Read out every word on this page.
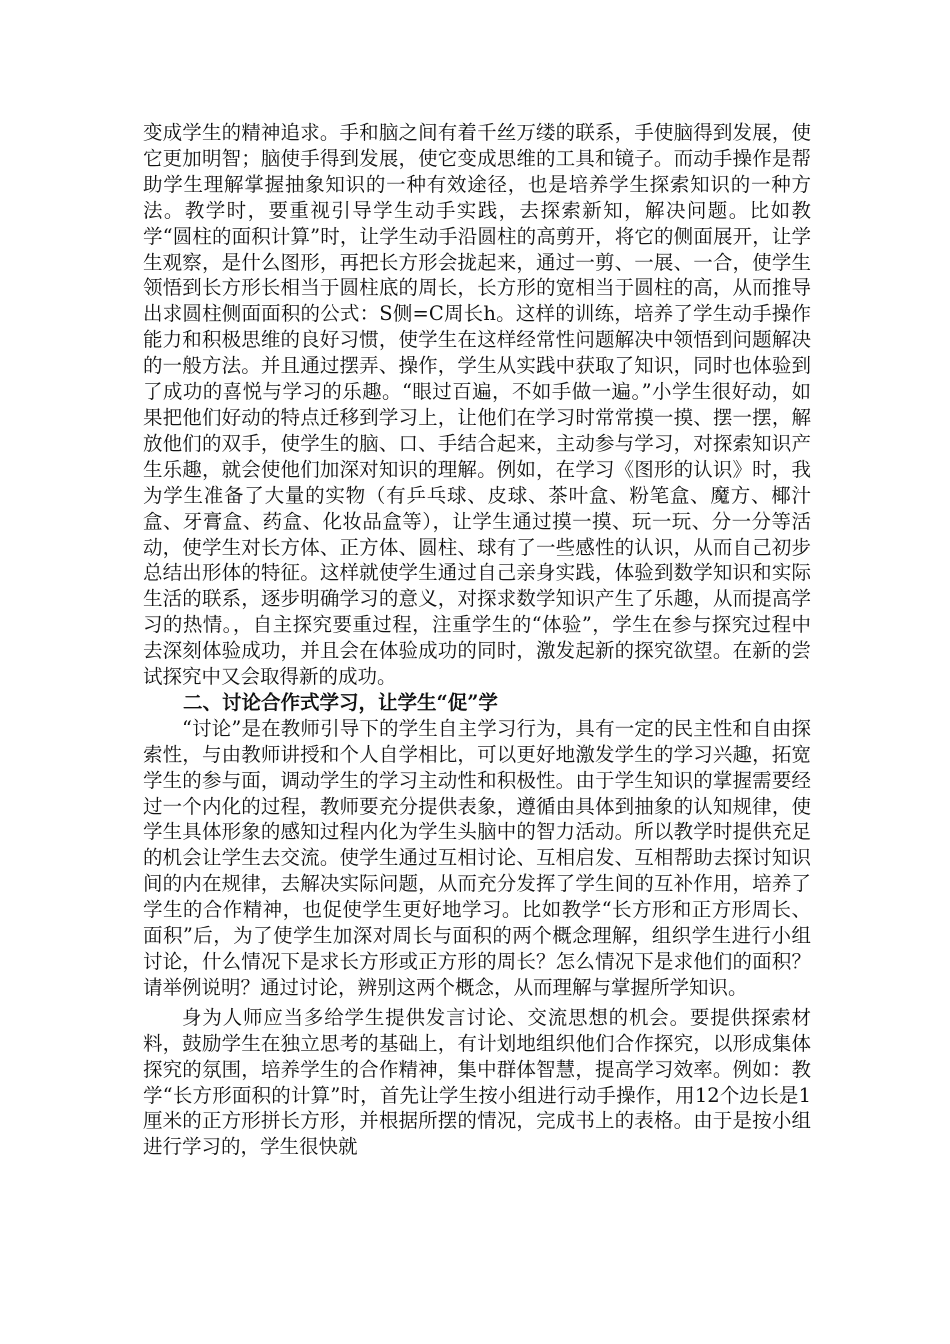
变成学生的精神追求。手和脑之间有着千丝万缕的联系，手使脑得到发展，使它更加明智；脑使手得到发展，使它变成思维的工具和镜子。而动手操作是帮助学生理解掌握抽象知识的一种有效途径，也是培养学生探索知识的一种方法。教学时，要重视引导学生动手实践，去探索新知，解决问题。比如教学“圆柱的面积计算”时，让学生动手沿圆柱的高剪开，将它的侧面展开，让学生观察，是什么图形，再把长方形会拢起来，通过一剪、一展、一合，使学生领悟到长方形长相当于圆柱底的周长，长方形的宽相当于圆柱的高，从而推导出求圆柱侧面面积的公式：S侧=C周长h。这样的训练，培养了学生动手操作能力和积极思维的良好习惯，使学生在这样经常性问题解决中领悟到问题解决的一般方法。并且通过摆弄、操作，学生从实践中获取了知识，同时也体验到了成功的喜悦与学习的乐趣。“眼过百遍，不如手做一遍。”小学生很好动，如果把他们好动的特点迁移到学习上，让他们在学习时常常摸一摸、摆一摆，解放他们的双手，使学生的脑、口、手结合起来，主动参与学习，对探索知识产生乐趣，就会使他们加深对知识的理解。例如，在学习《图形的认识》时，我为学生准备了大量的实物（有乒乓球、皮球、茶叶盒、粉笔盒、魔方、椰汁盒、牙膏盒、药盒、化妆品盒等），让学生通过摸一摸、玩一玩、分一分等活动，使学生对长方体、正方体、圆柱、球有了一些感性的认识，从而自己初步总结出形体的特征。这样就使学生通过自己亲身实践，体验到数学知识和实际生活的联系，逐步明确学习的意义，对探求数学知识产生了乐趣，从而提高学习的热情。，自主探究要重过程，注重学生的“体验”，学生在参与探究过程中去深刻体验成功，并且会在体验成功的同时，激发起新的探究欲望。在新的尝试探究中又会取得新的成功。

二、讨论合作式学习，让学生“促”学

“讨论”是在教师引导下的学生自主学习行为，具有一定的民主性和自由探索性，与由教师讲授和个人自学相比，可以更好地激发学生的学习兴趣，拓宽学生的参与面，调动学生的学习主动性和积极性。由于学生知识的掌握需要经过一个内化的过程，教师要充分提供表象，遵循由具体到抽象的认知规律，使学生具体形象的感知过程内化为学生头脑中的智力活动。所以教学时提供充足的机会让学生去交流。使学生通过互相讨论、互相启发、互相帮助去探讨知识间的内在规律，去解决实际问题，从而充分发挥了学生间的互补作用，培养了学生的合作精神，也促使学生更好地学习。比如教学“长方形和正方形周长、面积”后，为了使学生加深对周长与面积的两个概念理解，组织学生进行小组讨论，什么情况下是求长方形或正方形的周长？怎么情况下是求他们的面积？请举例说明？通过讨论，辨别这两个概念，从而理解与掌握所学知识。

身为人师应当多给学生提供发言讨论、交流思想的机会。要提供探索材料，鼓励学生在独立思考的基础上，有计划地组织他们合作探究，以形成集体探究的氛围，培养学生的合作精神，集中群体智慧，提高学习效率。例如：教学“长方形面积的计算”时，首先让学生按小组进行动手操作，用12个边长是1厘米的正方形拼长方形，并根据所摆的情况，完成书上的表格。由于是按小组进行学习的，学生很快就
